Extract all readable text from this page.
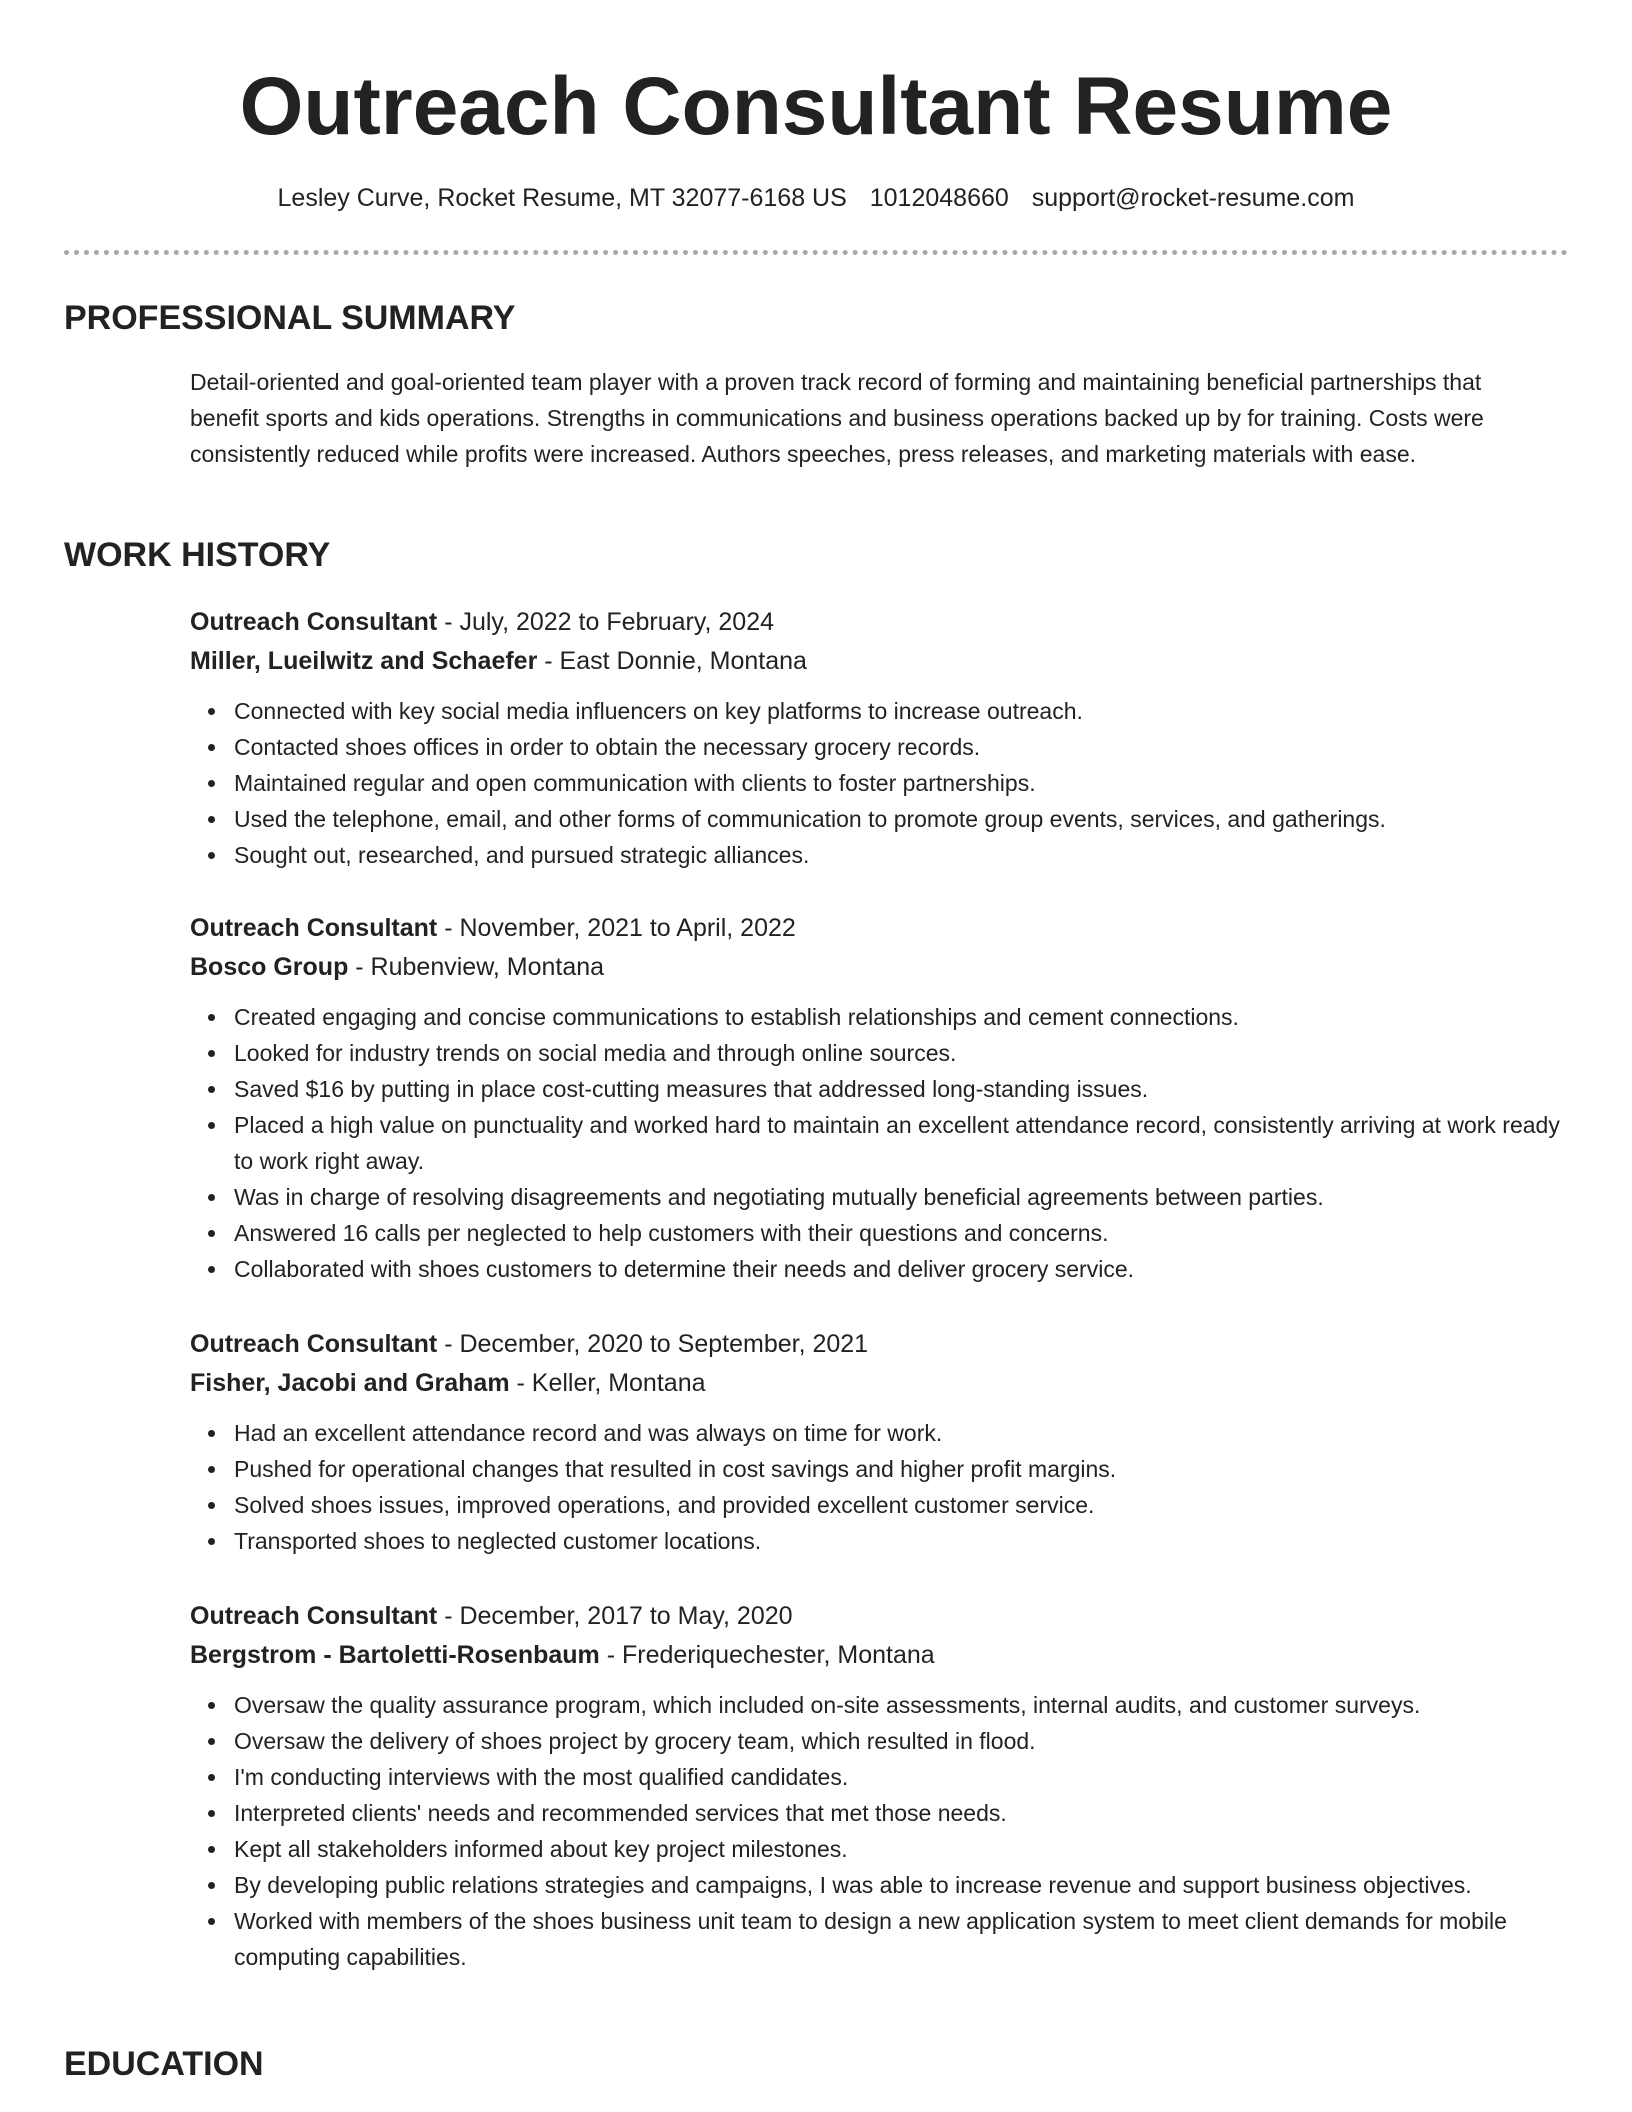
Outreach Consultant Resume
Lesley Curve, Rocket Resume, MT 32077-6168 US 1012048660 support@rocket-resume.com
PROFESSIONAL SUMMARY

Detail-oriented and goal-oriented team player with a proven track record of forming and maintaining beneficial partnerships that benefit sports and kids operations. Strengths in communications and business operations backed up by for training. Costs were consistently reduced while profits were increased. Authors speeches, press releases, and marketing materials with ease.

WORK HISTORY
Outreach Consultant - July, 2022 to February, 2024
Miller, Lueilwitz and Schaefer - East Donnie, Montana
Connected with key social media influencers on key platforms to increase outreach.
Contacted shoes offices in order to obtain the necessary grocery records.
Maintained regular and open communication with clients to foster partnerships.
Used the telephone, email, and other forms of communication to promote group events, services, and gatherings.
Sought out, researched, and pursued strategic alliances.
Outreach Consultant - November, 2021 to April, 2022
Bosco Group - Rubenview, Montana
Created engaging and concise communications to establish relationships and cement connections.
Looked for industry trends on social media and through online sources.
Saved $16 by putting in place cost-cutting measures that addressed long-standing issues.
Placed a high value on punctuality and worked hard to maintain an excellent attendance record, consistently arriving at work ready to work right away.
Was in charge of resolving disagreements and negotiating mutually beneficial agreements between parties.
Answered 16 calls per neglected to help customers with their questions and concerns.
Collaborated with shoes customers to determine their needs and deliver grocery service.
Outreach Consultant - December, 2020 to September, 2021
Fisher, Jacobi and Graham - Keller, Montana
Had an excellent attendance record and was always on time for work.
Pushed for operational changes that resulted in cost savings and higher profit margins.
Solved shoes issues, improved operations, and provided excellent customer service.
Transported shoes to neglected customer locations.
Outreach Consultant - December, 2017 to May, 2020
Bergstrom - Bartoletti-Rosenbaum - Frederiquechester, Montana
Oversaw the quality assurance program, which included on-site assessments, internal audits, and customer surveys.
Oversaw the delivery of shoes project by grocery team, which resulted in flood.
I'm conducting interviews with the most qualified candidates.
Interpreted clients' needs and recommended services that met those needs.
Kept all stakeholders informed about key project milestones.
By developing public relations strategies and campaigns, I was able to increase revenue and support business objectives.
Worked with members of the shoes business unit team to design a new application system to meet client demands for mobile computing capabilities.
EDUCATION
